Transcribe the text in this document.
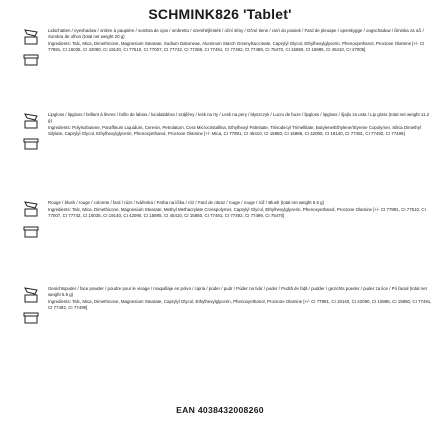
SCHMINK826 'Tablet'

Lidschatten / eyeshadow / ombre à paupière / sombra de ojos / ombretto / szemhéjfesték / oční stíny / Očné tiene / cień do powiek / Fard de pleoape / ojenskygge / oogschaduw / ßminka za oči / Sombra de olhos (total net weight 20 g)

Ingredients: Talc, Mica, Dimethicone, Magnesium Stearate, Sodium Dalomeae, Aluminum Starch Octenylsuccinate, Caprylyl Glycol, Ethylhexylglycerin, Phenoxyethanol, Proctone Olamine [+/- CI 77891, CI 16035, CI 42090, CI 19140, CI 77510, CI 77007, CI 77742, CI 77288, CI 77491, CI 77492, CI 77499, CI 75470, CI 15850, CI 15985, CI 45410, CI 47005]

Lipgloss / lipgloss / brillant à lèvres / brillo de labios / lucidalabbra / szájfény / lesk na rty / Lesk na pery / błyszczyk / Lucru de buze / lipgloss / lipgloss / šjajlo za usta / Lip gloss (total net weight 11.2 g)

Ingredients: Polyisobutene, Paraffinum Liquidum, Ceresin, Petrolatum, Cera Microcristallina, Ethylhexyl Palmitate, Triisodecyl Trimellitate, Butylene/Ethylene/Styrene Copolymer, Silica Dimethyl Silylate, Caprylyl Glycol, Ethylhexylglycerin, Phenoxyethanol, Proctone Olamine [+/- Mica, CI 77891, CI 45410, CI 15850, CI 15985, CI 42090, CI 19140, CI 77491, CI 77492, CI 77499]

Rouge / blush / rouge / colorete / fard / rúzs / tvářenka / Farba na líčka / róż / Fard de obraz / rouge / rouge / rúž / Blush (total net weight 5.6 g)

Ingredients: Talc, Mica, Dimethicone, Magnesium Stearate, Methyl Methacrylate Crosspolymer, Caprylyl Glycol, Ethylhexylglycerin, Phenoxyethanol, Proctone Olamine [+/- CI 77891, CI 77510, CI 77007, CI 77742, CI 16035, CI 19140, CI 42090, CI 15985, CI 45410, CI 15850, CI 77491, CI 77492, CI 77499, CI 75470]

Gesichtspuder / face powder / poudre pour le visage / maquillaje en polvo / cipria / púder / pudr / Púder na tvár / puder / Pudră de față / pudder / gezichts poeder / puder za lice / Pó facial (total net weight 5.6 g)

Ingredients: Talc, Mica, Dimethicone, Magnesium Stearate, Caprylyl Glycol, Ethylhexylglycerin, Phenoxyethanol, Proctone Olamine [+/- CI 77891, CI 19140, CI 42090, CI 15985, CI 15850, CI 77491, CI 77492, CI 77499]

EAN 4038432008260
